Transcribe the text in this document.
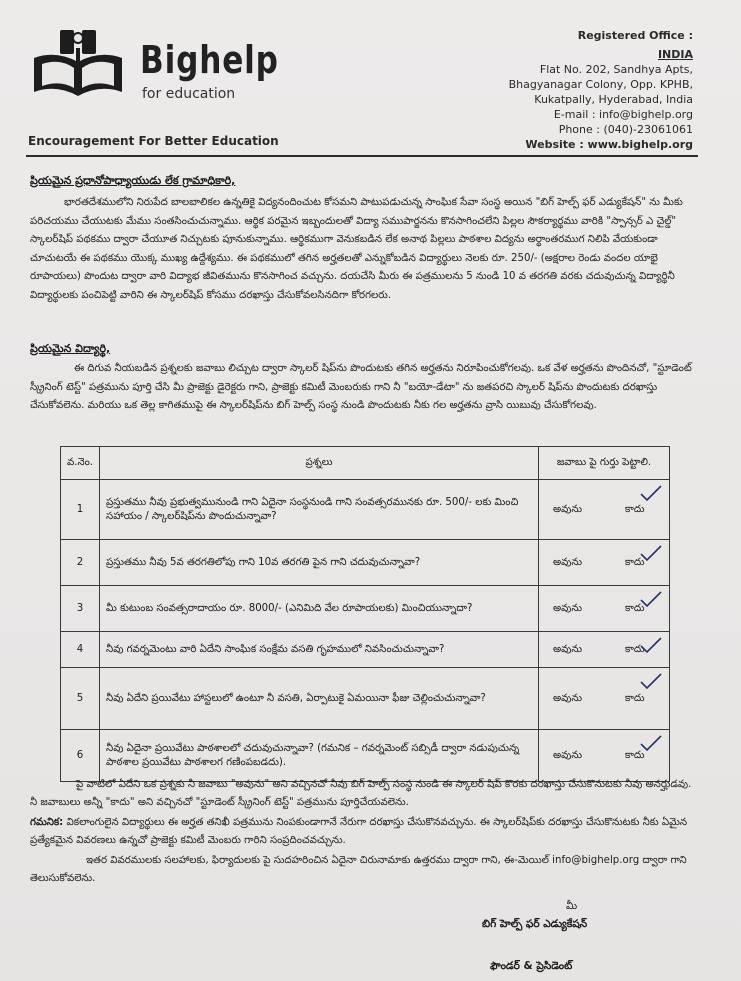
Bighelp
for education
Encouragement For Better Education
Registered Office :
INDIA
Flat No. 202, Sandhya Apts,
Bhagyanagar Colony, Opp. KPHB,
Kukatpally, Hyderabad, India
E-mail : info@bighelp.org
Phone : (040)-23061061
Website : www.bighelp.org
ప్రియమైన ప్రధానోపాధ్యాయుడు లేక గ్రామాధికారి,
భారతదేశములోని నిరుపేద బాలబాలికల ఉన్నతికై విద్యనందించుట కోసమని పాటుపడుచున్న సాంఘిక సేవా సంస్థ అయిన "బిగ్ హెల్ప్ ఫర్ ఎడ్యుకేషన్" ను మీకు పరిచయము చేయుటకు మేము సంతసించుచున్నాము. ఆర్థిక పరమైన ఇబ్బందులతో విద్యా సముపార్జనను కొనసాగించలేని పిల్లల సౌకర్యార్థము వారికి "స్పాన్సర్ ఎ చైల్డ్" స్కాలర్‌షిప్ పథకము ద్వారా చేయూత నిచ్చుటకు పూనుకున్నాము. ఆర్థికముగా వెనుకబడిన లేక అనాథ పిల్లలు పాఠశాల విద్యను అర్థాంతరముగ నిలిపి వేయకుండా చూచుటయే ఈ పథకము యొక్క ముఖ్య ఉద్దేశ్యము. ఈ పథకములో తగిన అర్హతలతో ఎన్నుకోబడిన విద్యార్థులు నెలకు రూ. 250/- (అక్షరాల రెండు వందల యాభై రూపాయలు) పొందుట ద్వారా వారి విద్యాభ జీవితమును కొనసాగించ వచ్చును. దయచేసి మీరు ఈ పత్రములను 5 నుండి 10 వ తరగతి వరకు చదువుచున్న విద్యార్థినీ విద్యార్థులకు పంచిపెట్టి వారిని ఈ స్కాలర్‌షిప్ కోసము దరఖాస్తు చేసుకోవలసినదిగా కోరగలరు.
ప్రియమైన విద్యార్థి,
ఈ దిగువ నీయబడిన ప్రశ్నలకు జవాబు లిచ్చుట ద్వారా స్కాలర్ షిప్‌ను పొందుటకు తగిన అర్హతను నిరూపించుకోగలవు. ఒక వేళ అర్హతను పొందినచో, "స్టూడెంట్ స్క్రీనింగ్ టెస్ట్" పత్రమును పూర్తి చేసి మీ ప్రాజెక్టు డైరెక్టరు గాని, ప్రాజెక్టు కమిటీ మెంబరుకు గాని నీ "బయో-డేటా" ను జతపరచి స్కాలర్ షిప్‌ను పొందుటకు దరఖాస్తు చేసుకోవలెను. మరియు ఒక తెల్ల కాగితముపై ఈ స్కాలర్‌షిప్‌ను బిగ్ హెల్ప్ సంస్థ నుండి పొందుటకు నీకు గల అర్హతను వ్రాసి యిబువు చేసుకోగలవు.
వ.నెం.	ప్రశ్నలు	జవాబు పై గుర్తు పెట్టాలి.
1	ప్రస్తుతము నీవు ప్రభుత్వమునుండి గాని ఏదైనా సంస్థనుండి గాని సంవత్సరమునకు రూ. 500/- లకు మించి సహాయం / స్కాలర్‌షిప్‌ను పొందుచున్నావా?	అవును కాదు

2	ప్రస్తుతము నీవు 5వ తరగతిలోపు గాని 10వ తరగతి పైన గాని చదువుచున్నావా?	అవును కాదు

3	మీ కుటుంబ సంవత్సరాదాయం రూ. 8000/- (ఎనిమిది వేల రూపాయలకు) మించియున్నాదా?	అవును కాదు

4	నీవు గవర్నమెంటు వారి ఏదేని సాంఘిక సంక్షేమ వసతి గృహములో నివసించుచున్నావా?	అవును కాదు

5	నీవు ఏదేని ప్రయివేటు హాస్టలులో ఉంటూ నీ వసతి, ఏర్పాటుకై ఏమయినా ఫీజు చెల్లించుచున్నావా?	అవును కాదు

6	నీవు ఏదైనా ప్రయివేటు పాఠశాలలో చదువుచున్నావా? (గమనిక – గవర్నమెంట్ సబ్సిడీ ద్వారా నడుపుచున్న పాఠశాల ప్రయివేటు పాఠశాలగ గణింపబడదు).	అవును కాదు
పై వాటిలో ఏదేని ఒక ప్రశ్నకు నీ జవాబు "అవును" అని వచ్చినచో నీవు బిగ్ హెల్ప్ సంస్థ నుండి ఈ స్కాలర్ షిప్ కొరకు దరఖాస్తు చేసుకొనుటకు నీవు అనర్హుడవు. నీ జవాబులు అన్నీ "కాదు" అని వచ్చినచో "స్టూడెంట్ స్క్రీనింగ్ టెస్ట్" పత్రమును పూర్తిచేయవలెను.
గమనిక: వికలాంగులైన విద్యార్థులు ఈ అర్హత తనిఖీ పత్రమును నింపకుండాగానే నేరుగా దరఖాస్తు చేసుకొనవచ్చును. ఈ స్కాలర్‌షిప్‌కు దరఖాస్తు చేసుకొనుటకు నీకు ఏమైన ప్రత్యేకమైన వివరణలు ఉన్నచో ప్రాజెక్టు కమిటీ మెంబరు గారిని సంప్రదించవచ్చును.
ఇతర వివరములకు సలహాలకు, ఫిర్యాదులకు పై సుదహరించిన ఏదైనా చిరునామాకు ఉత్తరము ద్వారా గాని, ఈ-మెయిల్ info@bighelp.org ద్వారా గాని తెలుసుకోవలెను.
మీ
బిగ్ హెల్ప్ ఫర్ ఎడ్యుకేషన్
ఫౌండర్ & ప్రెసిడెంట్
